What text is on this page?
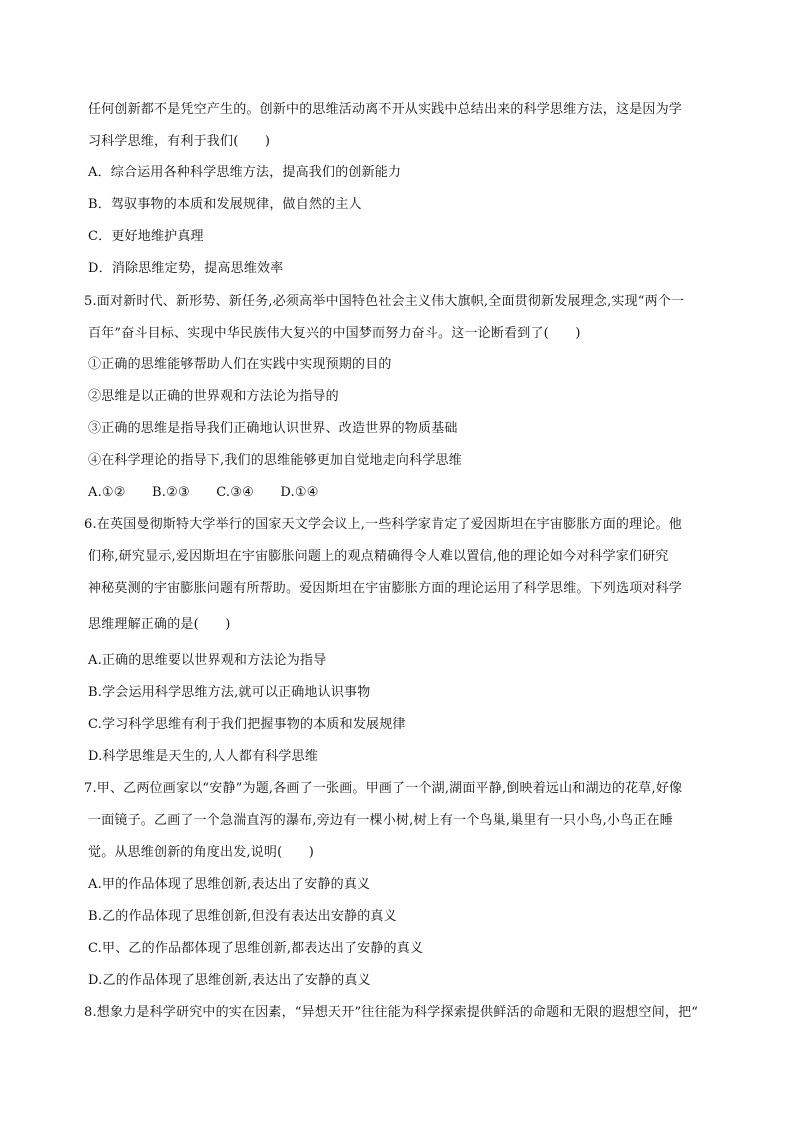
任何创新都不是凭空产生的。创新中的思维活动离不开从实践中总结出来的科学思维方法，这是因为学
习科学思维，有利于我们(　　)
A．综合运用各种科学思维方法，提高我们的创新能力
B．驾驭事物的本质和发展规律，做自然的主人
C．更好地维护真理
D．消除思维定势，提高思维效率
5.面对新时代、新形势、新任务,必须高举中国特色社会主义伟大旗帜,全面贯彻新发展理念,实现“两个一
百年”奋斗目标、实现中华民族伟大复兴的中国梦而努力奋斗。这一论断看到了(　　)
①正确的思维能够帮助人们在实践中实现预期的目的
②思维是以正确的世界观和方法论为指导的
③正确的思维是指导我们正确地认识世界、改造世界的物质基础
④在科学理论的指导下,我们的思维能够更加自觉地走向科学思维
A.①②　　B.②③　　C.③④　　D.①④
6.在英国曼彻斯特大学举行的国家天文学会议上,一些科学家肯定了爱因斯坦在宇宙膨胀方面的理论。他
们称,研究显示,爱因斯坦在宇宙膨胀问题上的观点精确得令人难以置信,他的理论如今对科学家们研究
神秘莫测的宇宙膨胀问题有所帮助。爱因斯坦在宇宙膨胀方面的理论运用了科学思维。下列选项对科学
思维理解正确的是(　　)
A.正确的思维要以世界观和方法论为指导
B.学会运用科学思维方法,就可以正确地认识事物
C.学习科学思维有利于我们把握事物的本质和发展规律
D.科学思维是天生的,人人都有科学思维
7.甲、乙两位画家以“安静”为题,各画了一张画。甲画了一个湖,湖面平静,倒映着远山和湖边的花草,好像
一面镜子。乙画了一个急湍直泻的瀑布,旁边有一棵小树,树上有一个鸟巢,巢里有一只小鸟,小鸟正在睡
觉。从思维创新的角度出发,说明(　　)
A.甲的作品体现了思维创新,表达出了安静的真义
B.乙的作品体现了思维创新,但没有表达出安静的真义
C.甲、乙的作品都体现了思维创新,都表达出了安静的真义
D.乙的作品体现了思维创新,表达出了安静的真义
8.想象力是科学研究中的实在因素，“异想天开”往往能为科学探索提供鲜活的命题和无限的遐想空间，把“
